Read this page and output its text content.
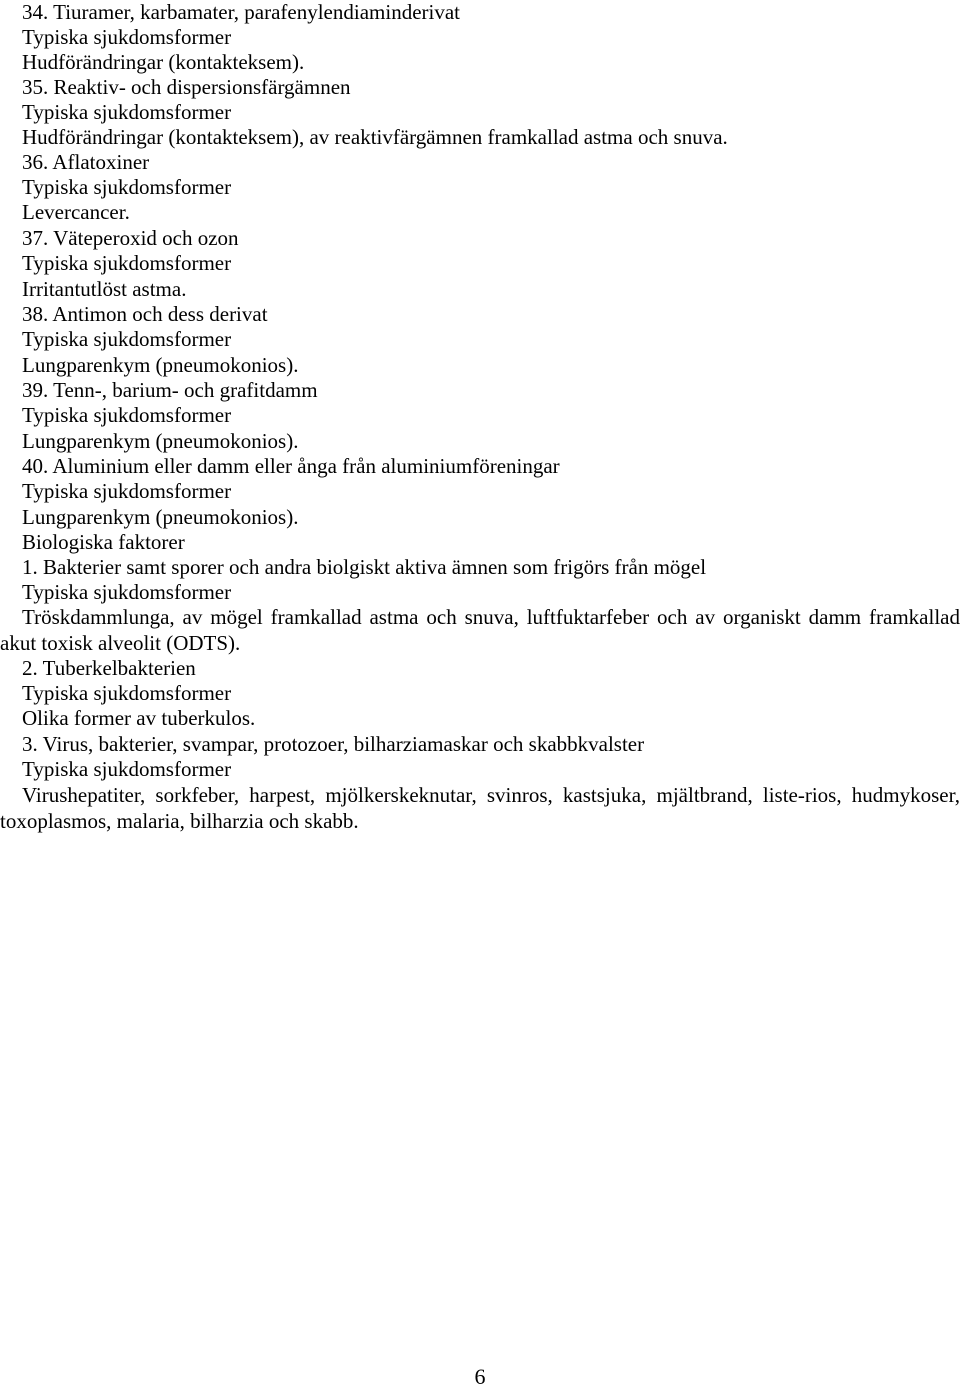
34. Tiuramer, karbamater, parafenylendiaminderivat
Typiska sjukdomsformer
Hudförändringar (kontakteksem).
35. Reaktiv- och dispersionsfärgämnen
Typiska sjukdomsformer
Hudförändringar (kontakteksem), av reaktivfärgämnen framkallad astma och snuva.
36. Aflatoxiner
Typiska sjukdomsformer
Levercancer.
37. Väteperoxid och ozon
Typiska sjukdomsformer
Irritantutlöst astma.
38. Antimon och dess derivat
Typiska sjukdomsformer
Lungparenkym (pneumokonios).
39. Tenn-, barium- och grafitdamm
Typiska sjukdomsformer
Lungparenkym (pneumokonios).
40. Aluminium eller damm eller ånga från aluminiumföreningar
Typiska sjukdomsformer
Lungparenkym (pneumokonios).
Biologiska faktorer
1. Bakterier samt sporer och andra biolgiskt aktiva ämnen som frigörs från mögel
Typiska sjukdomsformer
Tröskdammlunga, av mögel framkallad astma och snuva, luftfuktarfeber och av organiskt damm framkallad akut toxisk alveolit (ODTS).
2. Tuberkelbakterien
Typiska sjukdomsformer
Olika former av tuberkulos.
3. Virus, bakterier, svampar, protozoer, bilharziamaskar och skabbkvalster
Typiska sjukdomsformer
Virushepatiter, sorkfeber, harpest, mjölkerskeknutar, svinros, kastsjuka, mjältbrand, liste-rios, hudmykoser, toxoplasmos, malaria, bilharzia och skabb.
6
